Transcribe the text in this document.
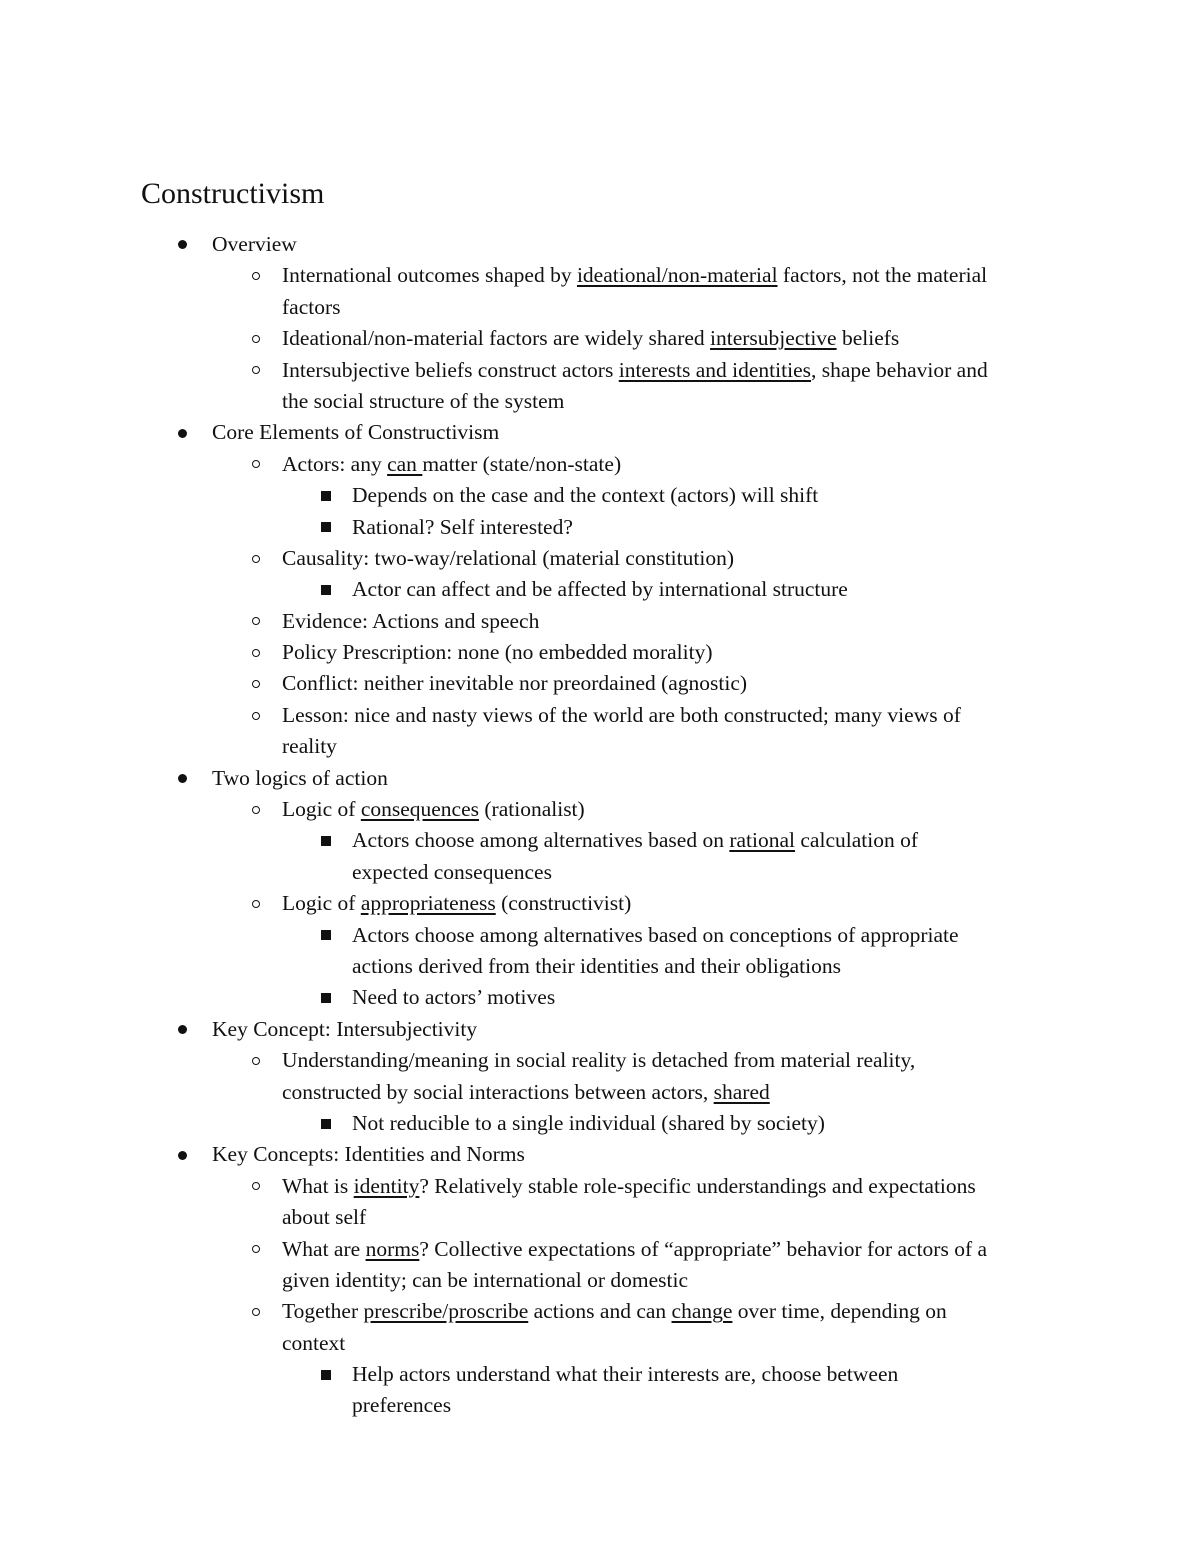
Constructivism
Overview
International outcomes shaped by ideational/non-material factors, not the material
factors
Ideational/non-material factors are widely shared intersubjective beliefs
Intersubjective beliefs construct actors interests and identities, shape behavior and
the social structure of the system
Core Elements of Constructivism
Actors: any can matter (state/non-state)
Depends on the case and the context (actors) will shift
Rational? Self interested?
Causality: two-way/relational (material constitution)
Actor can affect and be affected by international structure
Evidence: Actions and speech
Policy Prescription: none (no embedded morality)
Conflict: neither inevitable nor preordained (agnostic)
Lesson: nice and nasty views of the world are both constructed; many views of
reality
Two logics of action
Logic of consequences (rationalist)
Actors choose among alternatives based on rational calculation of
expected consequences
Logic of appropriateness (constructivist)
Actors choose among alternatives based on conceptions of appropriate
actions derived from their identities and their obligations
Need to actors’ motives
Key Concept: Intersubjectivity
Understanding/meaning in social reality is detached from material reality,
constructed by social interactions between actors, shared
Not reducible to a single individual (shared by society)
Key Concepts: Identities and Norms
What is identity? Relatively stable role-specific understandings and expectations
about self
What are norms? Collective expectations of “appropriate” behavior for actors of a
given identity; can be international or domestic
Together prescribe/proscribe actions and can change over time, depending on
context
Help actors understand what their interests are, choose between
preferences
